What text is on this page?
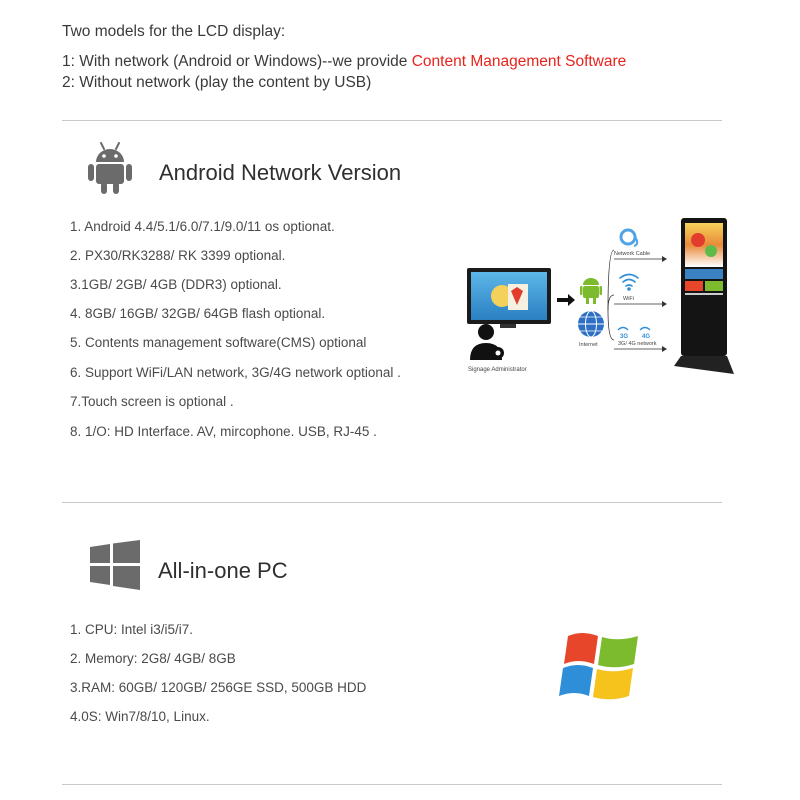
Two models for the LCD display:
1: With network (Android or Windows)--we provide Content Management Software
2: Without network (play the content by USB)
Android Network Version
1. Android 4.4/5.1/6.0/7.1/9.0/11 os optionat.
2. PX30/RK3288/ RK 3399 optional.
3.1GB/ 2GB/ 4GB (DDR3) optional.
4. 8GB/ 16GB/ 32GB/ 64GB flash optional.
5. Contents management software(CMS) optional
6. Support WiFi/LAN network, 3G/4G network optional .
7.Touch screen is optional .
8. 1/O: HD Interface. AV, mircophone. USB, RJ-45 .
Signage Administrator
Internet
Network Cable
WiFi
3G 4G
3G/ 4G network
All-in-one PC
1. CPU: Intel i3/i5/i7.
2. Memory: 2G8/ 4GB/ 8GB
3.RAM: 60GB/ 120GB/ 256GE SSD, 500GB HDD
4.0S: Win7/8/10, Linux.
